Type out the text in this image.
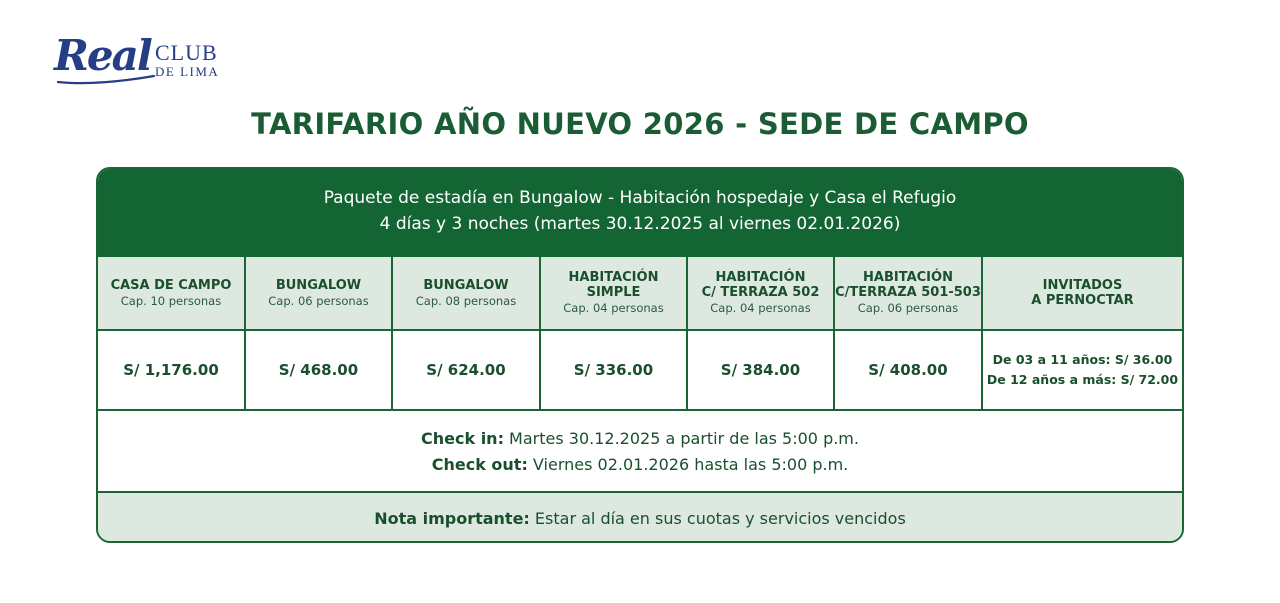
Real CLUB
DE LIMA
TARIFARIO AÑO NUEVO 2026 - SEDE DE CAMPO
Paquete de estadía en Bungalow - Habitación hospedaje y Casa el Refugio
4 días y 3 noches (martes 30.12.2025 al viernes 02.01.2026)
CASA DE CAMPO
Cap. 10 personas
S/ 1,176.00
BUNGALOW
Cap. 06 personas
S/ 468.00
BUNGALOW
Cap. 08 personas
S/ 624.00
HABITACIÓN
SIMPLE
Cap. 04 personas
S/ 336.00
HABITACIÓN
C/ TERRAZA 502
Cap. 04 personas
S/ 384.00
HABITACIÓN
C/TERRAZA 501-503
Cap. 06 personas
S/ 408.00
INVITADOS
A PERNOCTAR
De 03 a 11 años: S/ 36.00
De 12 años a más: S/ 72.00
Check in: Martes 30.12.2025 a partir de las 5:00 p.m.
Check out: Viernes 02.01.2026 hasta las 5:00 p.m.
Nota importante: Estar al día en sus cuotas y servicios vencidos
